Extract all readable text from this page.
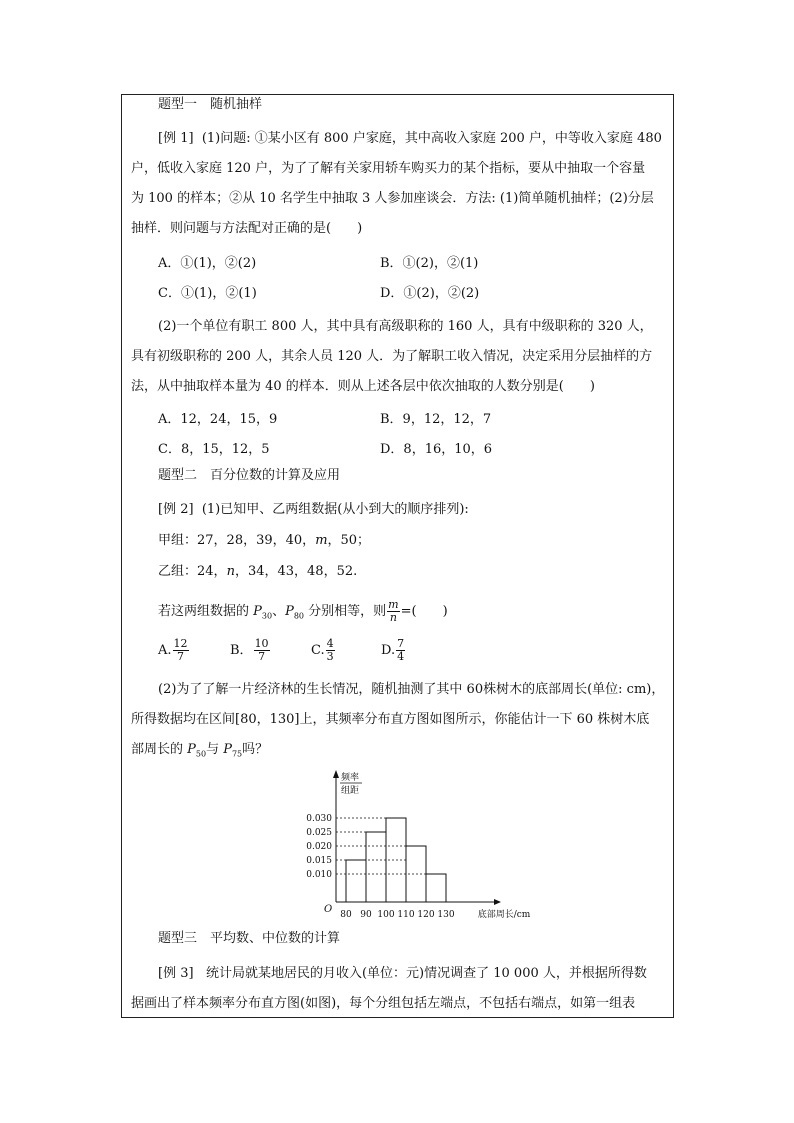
题型一　随机抽样
[例 1] (1)问题: ①某小区有 800 户家庭，其中高收入家庭 200 户，中等收入家庭 480
户，低收入家庭 120 户，为了了解有关家用轿车购买力的某个指标，要从中抽取一个容量
为 100 的样本；②从 10 名学生中抽取 3 人参加座谈会．方法: (1)简单随机抽样；(2)分层
抽样．则问题与方法配对正确的是(　　)
A．①(1)，②(2)	B．①(2)，②(1)
C．①(1)，②(1)	D．①(2)，②(2)
(2)一个单位有职工 800 人，其中具有高级职称的 160 人，具有中级职称的 320 人，
具有初级职称的 200 人，其余人员 120 人．为了解职工收入情况，决定采用分层抽样的方
法，从中抽取样本量为 40 的样本．则从上述各层中依次抽取的人数分别是(　　)
A．12，24，15，9	B．9，12，12，7
C．8，15，12，5	D．8，16，10，6
题型二　百分位数的计算及应用
[例 2] (1)已知甲、乙两组数据(从小到大的顺序排列):
甲组：27，28，39，40，m，50；
乙组：24，n，34，43，48，52.
若这两组数据的 $P_{30}$、$P_{80}$ 分别相等，则 $\frac{m}{n}$ =(　　)
A. $\frac{12}{7}$	B． $\frac{10}{7}$	C. $\frac{4}{3}$	D. $\frac{7}{4}$
(2)为了了解一片经济林的生长情况，随机抽测了其中 60株树木的底部周长(单位: cm)，
所得数据均在区间[80，130]上，其频率分布直方图如图所示，你能估计一下 60 株树木底
部周长的 $P_{50}$与 $P_{75}$吗？
0.030
0.025
0.020
0.015
0.010
80 90 100 110 120 130
O	底部周长/cm
频率
组距
题型三　平均数、中位数的计算
[例 3] 统计局就某地居民的月收入(单位：元)情况调查了 10 000 人，并根据所得数
据画出了样本频率分布直方图(如图)，每个分组包括左端点，不包括右端点，如第一组表
